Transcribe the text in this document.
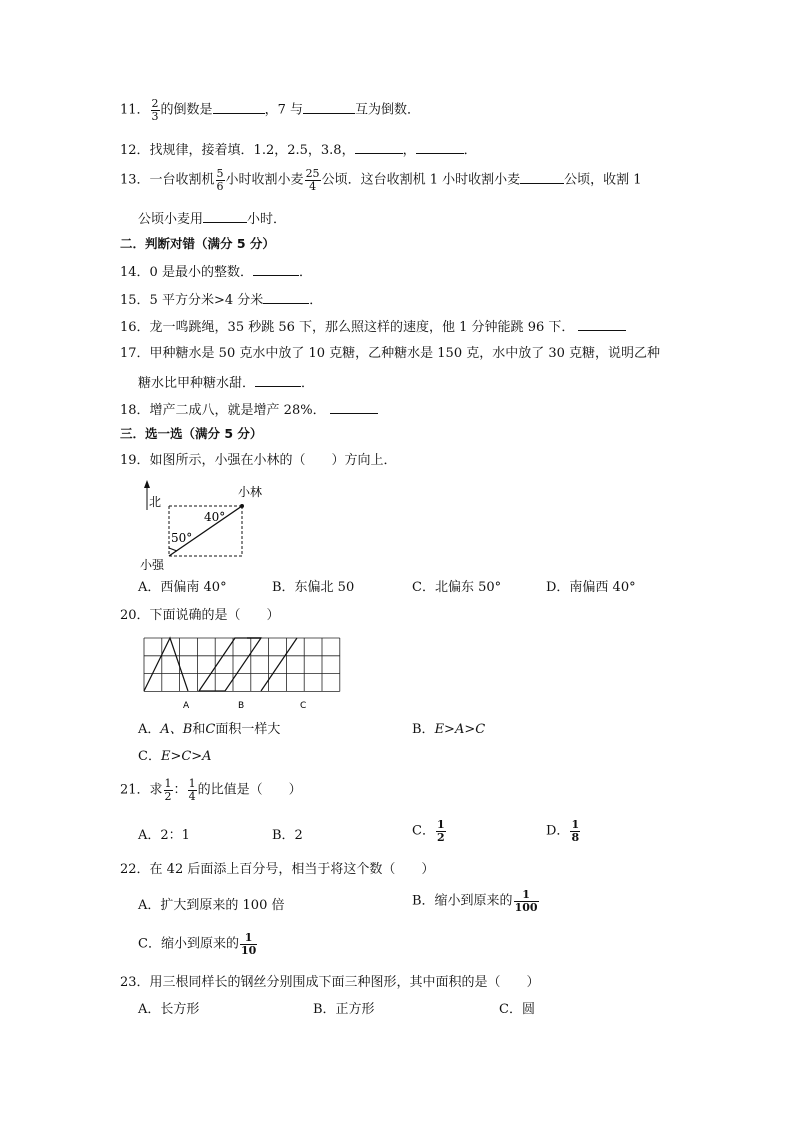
11． $\frac{2}{3}$ 的倒数是	，7 与	互为倒数．
12．找规律，接着填．1.2，2.5，3.8，	，	．
13．一台收割机 $\frac{5}{6}$ 小时收割小麦 $\frac{25}{4}$ 公顷．这台收割机 1 小时收割小麦	公顷，收割 1
公顷小麦用	小时．
二．判断对错（满分 5 分）
14．0 是最小的整数．	．
15．5 平方分米>4 分米	．
16．龙一鸣跳绳，35 秒跳 56 下，那么照这样的速度，他 1 分钟能跳 96 下．
17．甲种糖水是 50 克水中放了 10 克糖，乙种糖水是 150 克，水中放了 30 克糖，说明乙种
糖水比甲种糖水甜．	．
18．增产二成八，就是增产 28%．
三．选一选（满分 5 分）
19．如图所示，小强在小林的（　　）方向上．
北
40°
50°
小林
小强
A．西偏南 40°	B．东偏北 50	C．北偏东 50°	D．南偏西 40°
20．下面说确的是（　　）
A	B	C
A．A、B和C面积一样大	B．E>A>C
C．E>C>A
21．求 $\frac{1}{2}$ ： $\frac{1}{4}$ 的比值是（　　）
A．2：1	B．2	C． $\frac{1}{2}$	D． $\frac{1}{8}$
22．在 42 后面添上百分号，相当于将这个数（　　）
A．扩大到原来的 100 倍	B．缩小到原来的 $\frac{1}{100}$
C．缩小到原来的 $\frac{1}{10}$
23．用三根同样长的钢丝分别围成下面三种图形，其中面积的是（　　）
A．长方形	B．正方形	C．圆
